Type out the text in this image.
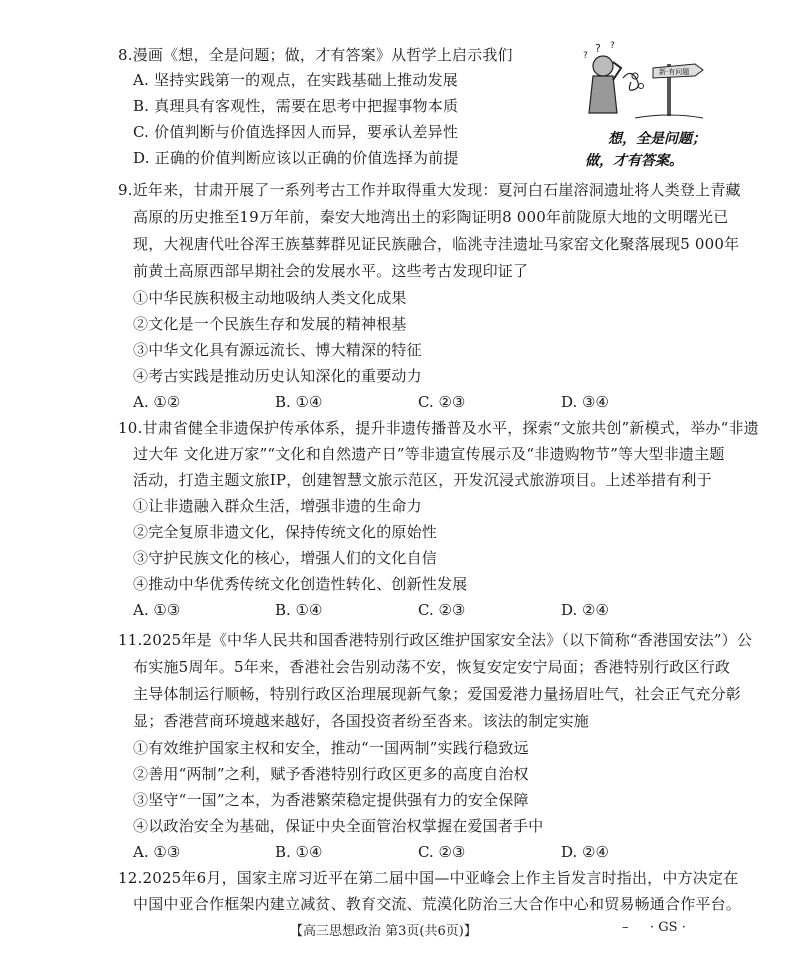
8.漫画《想，全是问题；做，才有答案》从哲学上启示我们
A. 坚持实践第一的观点，在实践基础上推动发展
B. 真理具有客观性，需要在思考中把握事物本质
C. 价值判断与价值选择因人而异，要承认差异性
D. 正确的价值判断应该以正确的价值选择为前提
? ?
?
新·有问题
想，全是问题；
做，才有答案。
9.近年来，甘肃开展了一系列考古工作并取得重大发现：夏河白石崖溶洞遗址将人类登上青藏
高原的历史推至19万年前，秦安大地湾出土的彩陶证明8 000年前陇原大地的文明曙光已
现，大视唐代吐谷浑王族墓葬群见证民族融合，临洮寺洼遗址马家窑文化聚落展现5 000年
前黄土高原西部早期社会的发展水平。这些考古发现印证了
①中华民族积极主动地吸纳人类文化成果
②文化是一个民族生存和发展的精神根基
③中华文化具有源远流长、博大精深的特征
④考古实践是推动历史认知深化的重要动力
A. ①②	B. ①④	C. ②③	D. ③④
10.甘肃省健全非遗保护传承体系，提升非遗传播普及水平，探索“文旅共创”新模式，举办“非遗
过大年 文化进万家”“文化和自然遗产日”等非遗宣传展示及“非遗购物节”等大型非遗主题
活动，打造主题文旅IP，创建智慧文旅示范区，开发沉浸式旅游项目。上述举措有利于
①让非遗融入群众生活，增强非遗的生命力
②完全复原非遗文化，保持传统文化的原始性
③守护民族文化的核心，增强人们的文化自信
④推动中华优秀传统文化创造性转化、创新性发展
A. ①③	B. ①④	C. ②③	D. ②④
11.2025年是《中华人民共和国香港特别行政区维护国家安全法》（以下简称“香港国安法”）公
布实施5周年。5年来，香港社会告别动荡不安，恢复安定安宁局面；香港特别行政区行政
主导体制运行顺畅，特别行政区治理展现新气象；爱国爱港力量扬眉吐气，社会正气充分彰
显；香港营商环境越来越好，各国投资者纷至沓来。该法的制定实施
①有效维护国家主权和安全，推动“一国两制”实践行稳致远
②善用“两制”之利，赋予香港特别行政区更多的高度自治权
③坚守“一国”之本，为香港繁荣稳定提供强有力的安全保障
④以政治安全为基础，保证中央全面管治权掌握在爱国者手中
A. ①③	B. ①④	C. ②③	D. ②④
12.2025年6月，国家主席习近平在第二届中国—中亚峰会上作主旨发言时指出，中方决定在
中国中亚合作框架内建立减贫、教育交流、荒漠化防治三大合作中心和贸易畅通合作平台。
【高三思想政治 第3页(共6页)】	– · GS ·
